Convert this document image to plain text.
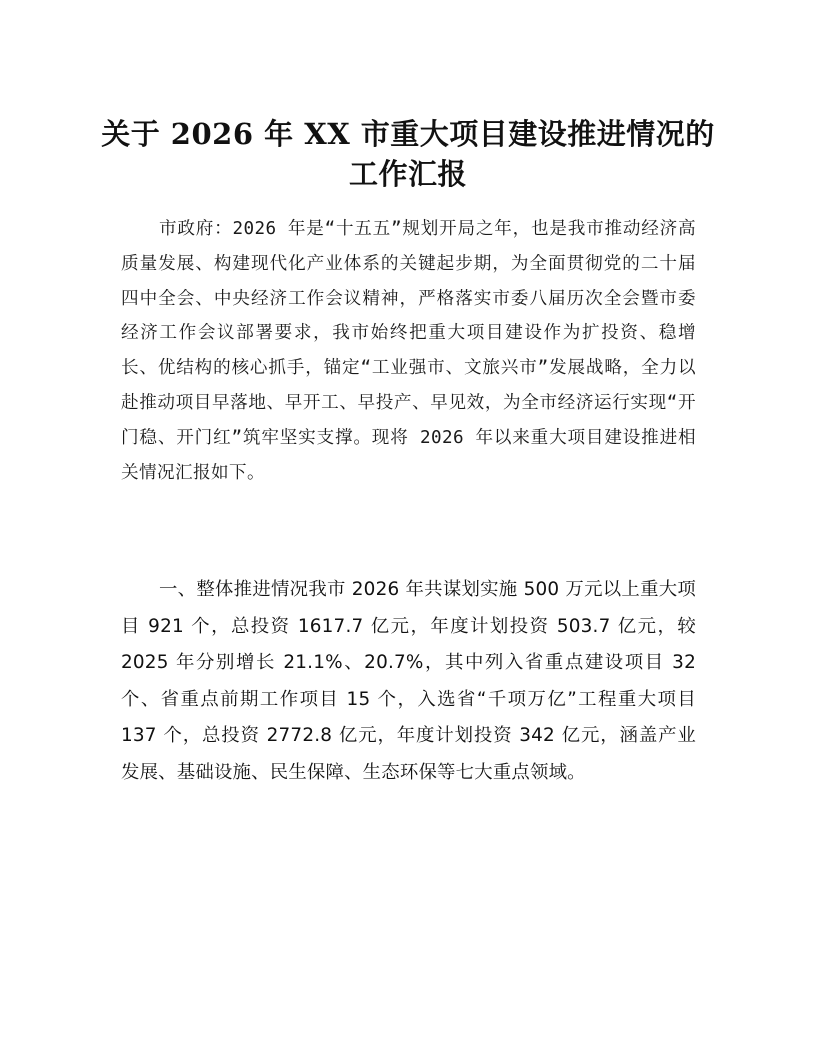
关于 2026 年 XX 市重大项目建设推进情况的
工作汇报

市政府：2026 年是“十五五”规划开局之年，也是我市推动经济高质量发展、构建现代化产业体系的关键起步期，为全面贯彻党的二十届四中全会、中央经济工作会议精神，严格落实市委八届历次全会暨市委经济工作会议部署要求，我市始终把重大项目建设作为扩投资、稳增长、优结构的核心抓手，锚定“工业强市、文旅兴市”发展战略，全力以赴推动项目早落地、早开工、早投产、早见效，为全市经济运行实现“开门稳、开门红”筑牢坚实支撑。现将 2026 年以来重大项目建设推进相关情况汇报如下。

一、整体推进情况我市 2026 年共谋划实施 500 万元以上重大项目 921 个，总投资 1617.7 亿元，年度计划投资 503.7 亿元，较 2025 年分别增长 21.1%、20.7%，其中列入省重点建设项目 32 个、省重点前期工作项目 15 个，入选省“千项万亿”工程重大项目 137 个，总投资 2772.8 亿元，年度计划投资 342 亿元，涵盖产业发展、基础设施、民生保障、生态环保等七大重点领域。
